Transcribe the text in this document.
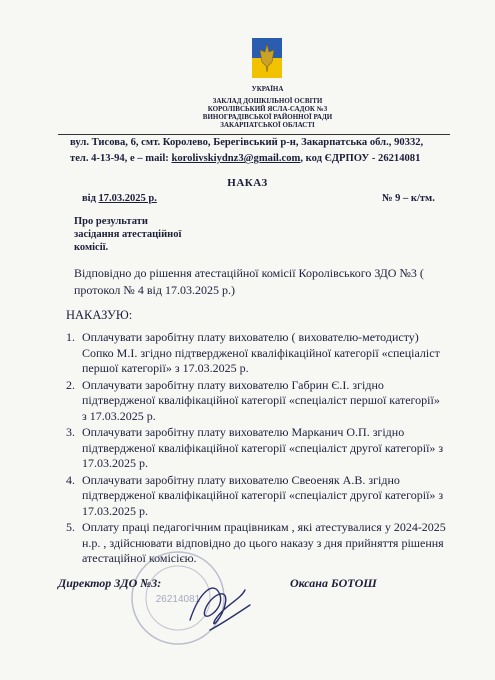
УКРАЇНА
ЗАКЛАД ДОШКІЛЬНОЇ ОСВІТИ
КОРОЛІВСЬКИЙ ЯСЛА-САДОК №3
ВИНОГРАДІВСЬКОЇ РАЙОННОЇ РАДИ
ЗАКАРПАТСЬКОЇ ОБЛАСТІ
вул. Тисова, 6, смт. Королево, Берегівський р-н, Закарпатська обл., 90332,
тел. 4-13-94, е – mail: korolivskiydnz3@gmail.com, код ЄДРПОУ - 26214081
НАКАЗ
від 17.03.2025 р.	№ 9 – к/тм.
Про результати
засідання атестаційної
комісії.
Відповідно до рішення атестаційної комісії Королівського ЗДО №3 ( протокол № 4 від 17.03.2025 р.)
НАКАЗУЮ:
1. Оплачувати заробітну плату вихователю ( вихователю-методисту) Сопко М.І. згідно підтвердженої кваліфікаційної категорії «спеціаліст першої категорії» з 17.03.2025 р.
2. Оплачувати заробітну плату вихователю Габрин Є.І. згідно підтвердженої кваліфікаційної категорії «спеціаліст першої категорії» з 17.03.2025 р.
3. Оплачувати заробітну плату вихователю Марканич О.П. згідно підтвердженої кваліфікаційної категорії «спеціаліст другої категорії» з 17.03.2025 р.
4. Оплачувати заробітну плату вихователю Свеоеняк А.В. згідно підтвердженої кваліфікаційної категорії «спеціаліст другої категорії» з 17.03.2025 р.
5. Оплату праці педагогічним працівникам , які атестувалися у 2024-2025 н.р. , здійснювати відповідно до цього наказу з дня прийняття рішення атестаційної комісією.
26214081
Директор ЗДО №3:	Оксана БОТОШ
